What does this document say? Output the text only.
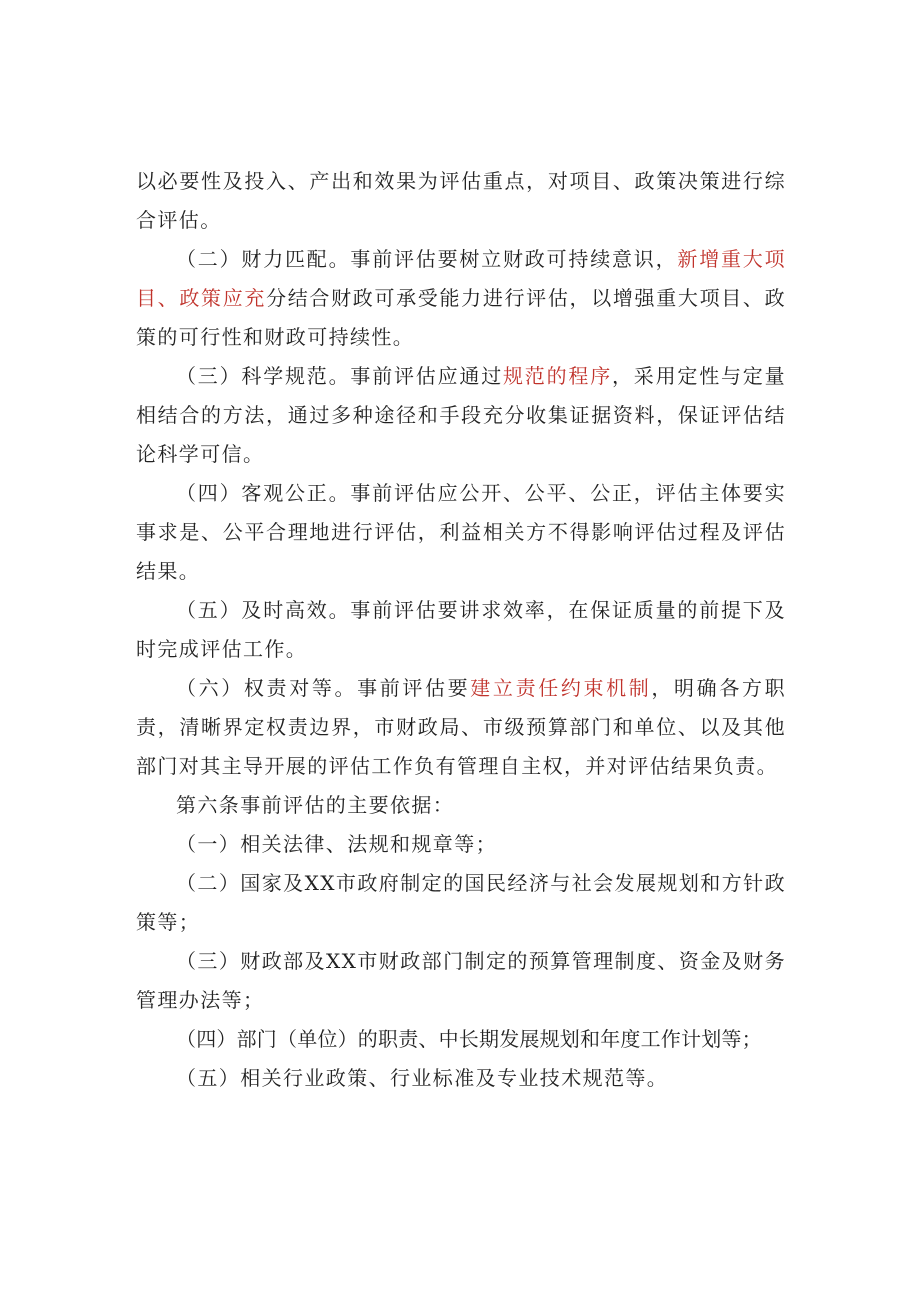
以必要性及投入、产出和效果为评估重点，对项目、政策决策进行综合评估。

（二）财力匹配。事前评估要树立财政可持续意识，新增重大项目、政策应充分结合财政可承受能力进行评估，以增强重大项目、政策的可行性和财政可持续性。

（三）科学规范。事前评估应通过规范的程序，采用定性与定量相结合的方法，通过多种途径和手段充分收集证据资料，保证评估结论科学可信。

（四）客观公正。事前评估应公开、公平、公正，评估主体要实事求是、公平合理地进行评估，利益相关方不得影响评估过程及评估结果。

（五）及时高效。事前评估要讲求效率，在保证质量的前提下及时完成评估工作。

（六）权责对等。事前评估要建立责任约束机制，明确各方职责，清晰界定权责边界，市财政局、市级预算部门和单位、以及其他部门对其主导开展的评估工作负有管理自主权，并对评估结果负责。

第六条事前评估的主要依据：

（一）相关法律、法规和规章等；

（二）国家及XX市政府制定的国民经济与社会发展规划和方针政策等；

（三）财政部及XX市财政部门制定的预算管理制度、资金及财务管理办法等；

（四）部门（单位）的职责、中长期发展规划和年度工作计划等；

（五）相关行业政策、行业标准及专业技术规范等。
